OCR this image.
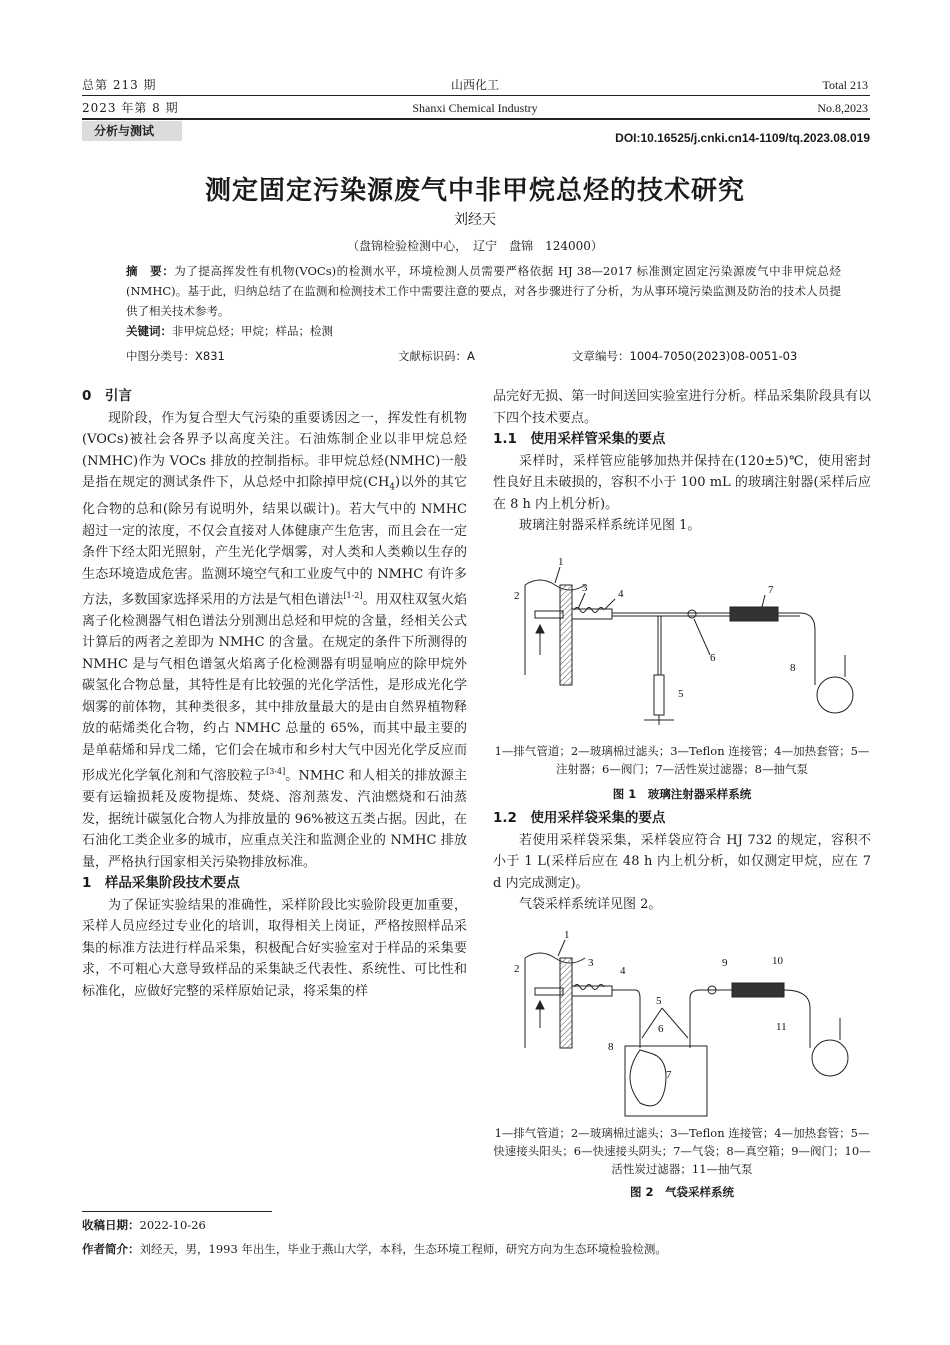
总第 213 期
2023 年第 8 期
山西化工
Shanxi Chemical Industry
Total 213
No.8,2023
分析与测试	DOI:10.16525/j.cnki.cn14-1109/tq.2023.08.019
测定固定污染源废气中非甲烷总烃的技术研究
刘经天
（盘锦检验检测中心，　辽宁　盘锦　124000）
摘　要：为了提高挥发性有机物(VOCs)的检测水平，环境检测人员需要严格依据 HJ 38—2017 标准测定固定污染源废气中非甲烷总烃(NMHC)。基于此，归纳总结了在监测和检测技术工作中需要注意的要点，对各步骤进行了分析，为从事环境污染监测及防治的技术人员提供了相关技术参考。
关键词：非甲烷总烃；甲烷；样品；检测
中图分类号：X831	文献标识码：A	文章编号：1004-7050(2023)08-0051-03
0　引言

现阶段，作为复合型大气污染的重要诱因之一，挥发性有机物(VOCs)被社会各界予以高度关注。石油炼制企业以非甲烷总烃(NMHC)作为 VOCs 排放的控制指标。非甲烷总烃(NMHC)一般是指在规定的测试条件下，从总烃中扣除掉甲烷$(CH_4)$以外的其它化合物的总和(除另有说明外，结果以碳计)。若大气中的 NMHC 超过一定的浓度，不仅会直接对人体健康产生危害，而且会在一定条件下经太阳光照射，产生光化学烟雾，对人类和人类赖以生存的生态环境造成危害。监测环境空气和工业废气中的 NMHC 有许多方法，多数国家选择采用的方法是气相色谱法[1-2]。用双柱双氢火焰离子化检测器气相色谱法分别测出总烃和甲烷的含量，经相关公式计算后的两者之差即为 NMHC 的含量。在规定的条件下所测得的 NMHC 是与气相色谱氢火焰离子化检测器有明显响应的除甲烷外碳氢化合物总量，其特性是有比较强的光化学活性，是形成光化学烟雾的前体物，其种类很多，其中排放量最大的是由自然界植物释放的萜烯类化合物，约占 NMHC 总量的 65%，而其中最主要的是单萜烯和异戊二烯，它们会在城市和乡村大气中因光化学反应而形成光化学氧化剂和气溶胶粒子[3-4]。NMHC 和人相关的排放源主要有运输损耗及废物提炼、焚烧、溶剂蒸发、汽油燃烧和石油蒸发，据统计碳氢化合物人为排放量的 96%被这五类占据。因此，在石油化工类企业多的城市，应重点关注和监测企业的 NMHC 排放量，严格执行国家相关污染物排放标准。

1　样品采集阶段技术要点

为了保证实验结果的准确性，采样阶段比实验阶段更加重要，采样人员应经过专业化的培训，取得相关上岗证，严格按照样品采集的标准方法进行样品采集，积极配合好实验室对于样品的采集要求，不可粗心大意导致样品的采集缺乏代表性、系统性、可比性和标准化，应做好完整的采样原始记录，将采集的样

品完好无损、第一时间送回实验室进行分析。样品采集阶段具有以下四个技术要点。

1.1　使用采样管采集的要点

采样时，采样管应能够加热并保持在(120±5)℃，使用密封性良好且未破损的，容积不小于 100 mL 的玻璃注射器(采样后应在 8 h 内上机分析)。

玻璃注射器采样系统详见图 1。

1
2
3	4
5
6
7
8
1—排气管道；2—玻璃棉过滤头；3—Teflon 连接管；4—加热套管；5—注射器；6—阀门；7—活性炭过滤器；8—抽气泵
图 1　玻璃注射器采样系统
1.2　使用采样袋采集的要点

若使用采样袋采集，采样袋应符合 HJ 732 的规定，容积不小于 1 L(采样后应在 48 h 内上机分析，如仅测定甲烷，应在 7 d 内完成测定)。

气袋采样系统详见图 2。

1
2	3
4
5
6
7
8
9	10
11
1—排气管道；2—玻璃棉过滤头；3—Teflon 连接管；4—加热套管；5—快速接头阳头；6—快速接头阴头；7—气袋；8—真空箱；9—阀门；10—活性炭过滤器；11—抽气泵
图 2　气袋采样系统
收稿日期：2022-10-26
作者简介：刘经天，男，1993 年出生，毕业于燕山大学，本科，生态环境工程师，研究方向为生态环境检验检测。
